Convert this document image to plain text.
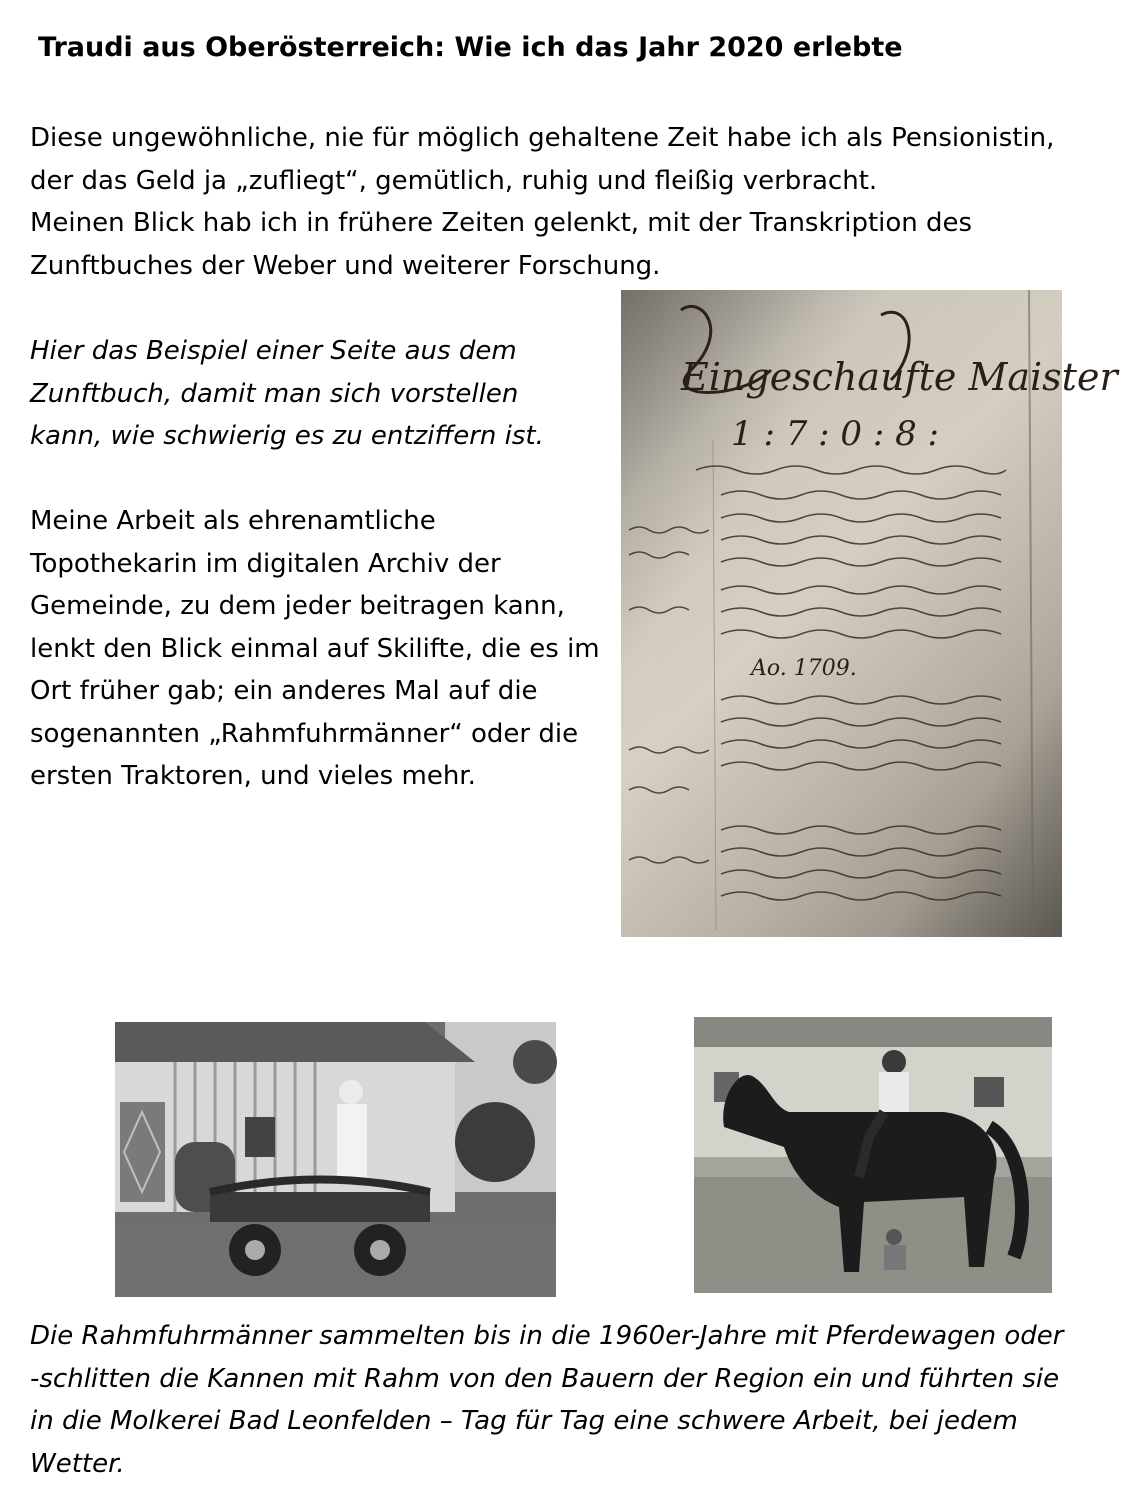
Traudi aus Oberösterreich: Wie ich das Jahr 2020 erlebte
Diese ungewöhnliche, nie für möglich gehaltene Zeit habe ich als Pensionistin,
der das Geld ja „zufliegt“, gemütlich, ruhig und fleißig verbracht.
Meinen Blick hab ich in frühere Zeiten gelenkt, mit der Transkription des
Zunftbuches der Weber und weiterer Forschung.
Hier das Beispiel einer Seite aus dem
Zunftbuch, damit man sich vorstellen
kann, wie schwierig es zu entziffern ist.
Meine Arbeit als ehrenamtliche
Topothekarin im digitalen Archiv der
Gemeinde, zu dem jeder beitragen kann,
lenkt den Blick einmal auf Skilifte, die es im
Ort früher gab; ein anderes Mal auf die
sogenannten „Rahmfuhrmänner“ oder die
ersten Traktoren, und vieles mehr.
Eingeschaufte Maister
1 : 7 : 0 : 8 :
Ao. 1709.
Die Rahmfuhrmänner sammelten bis in die 1960er-Jahre mit Pferdewagen oder
-schlitten die Kannen mit Rahm von den Bauern der Region ein und führten sie
in die Molkerei Bad Leonfelden – Tag für Tag eine schwere Arbeit, bei jedem
Wetter.
